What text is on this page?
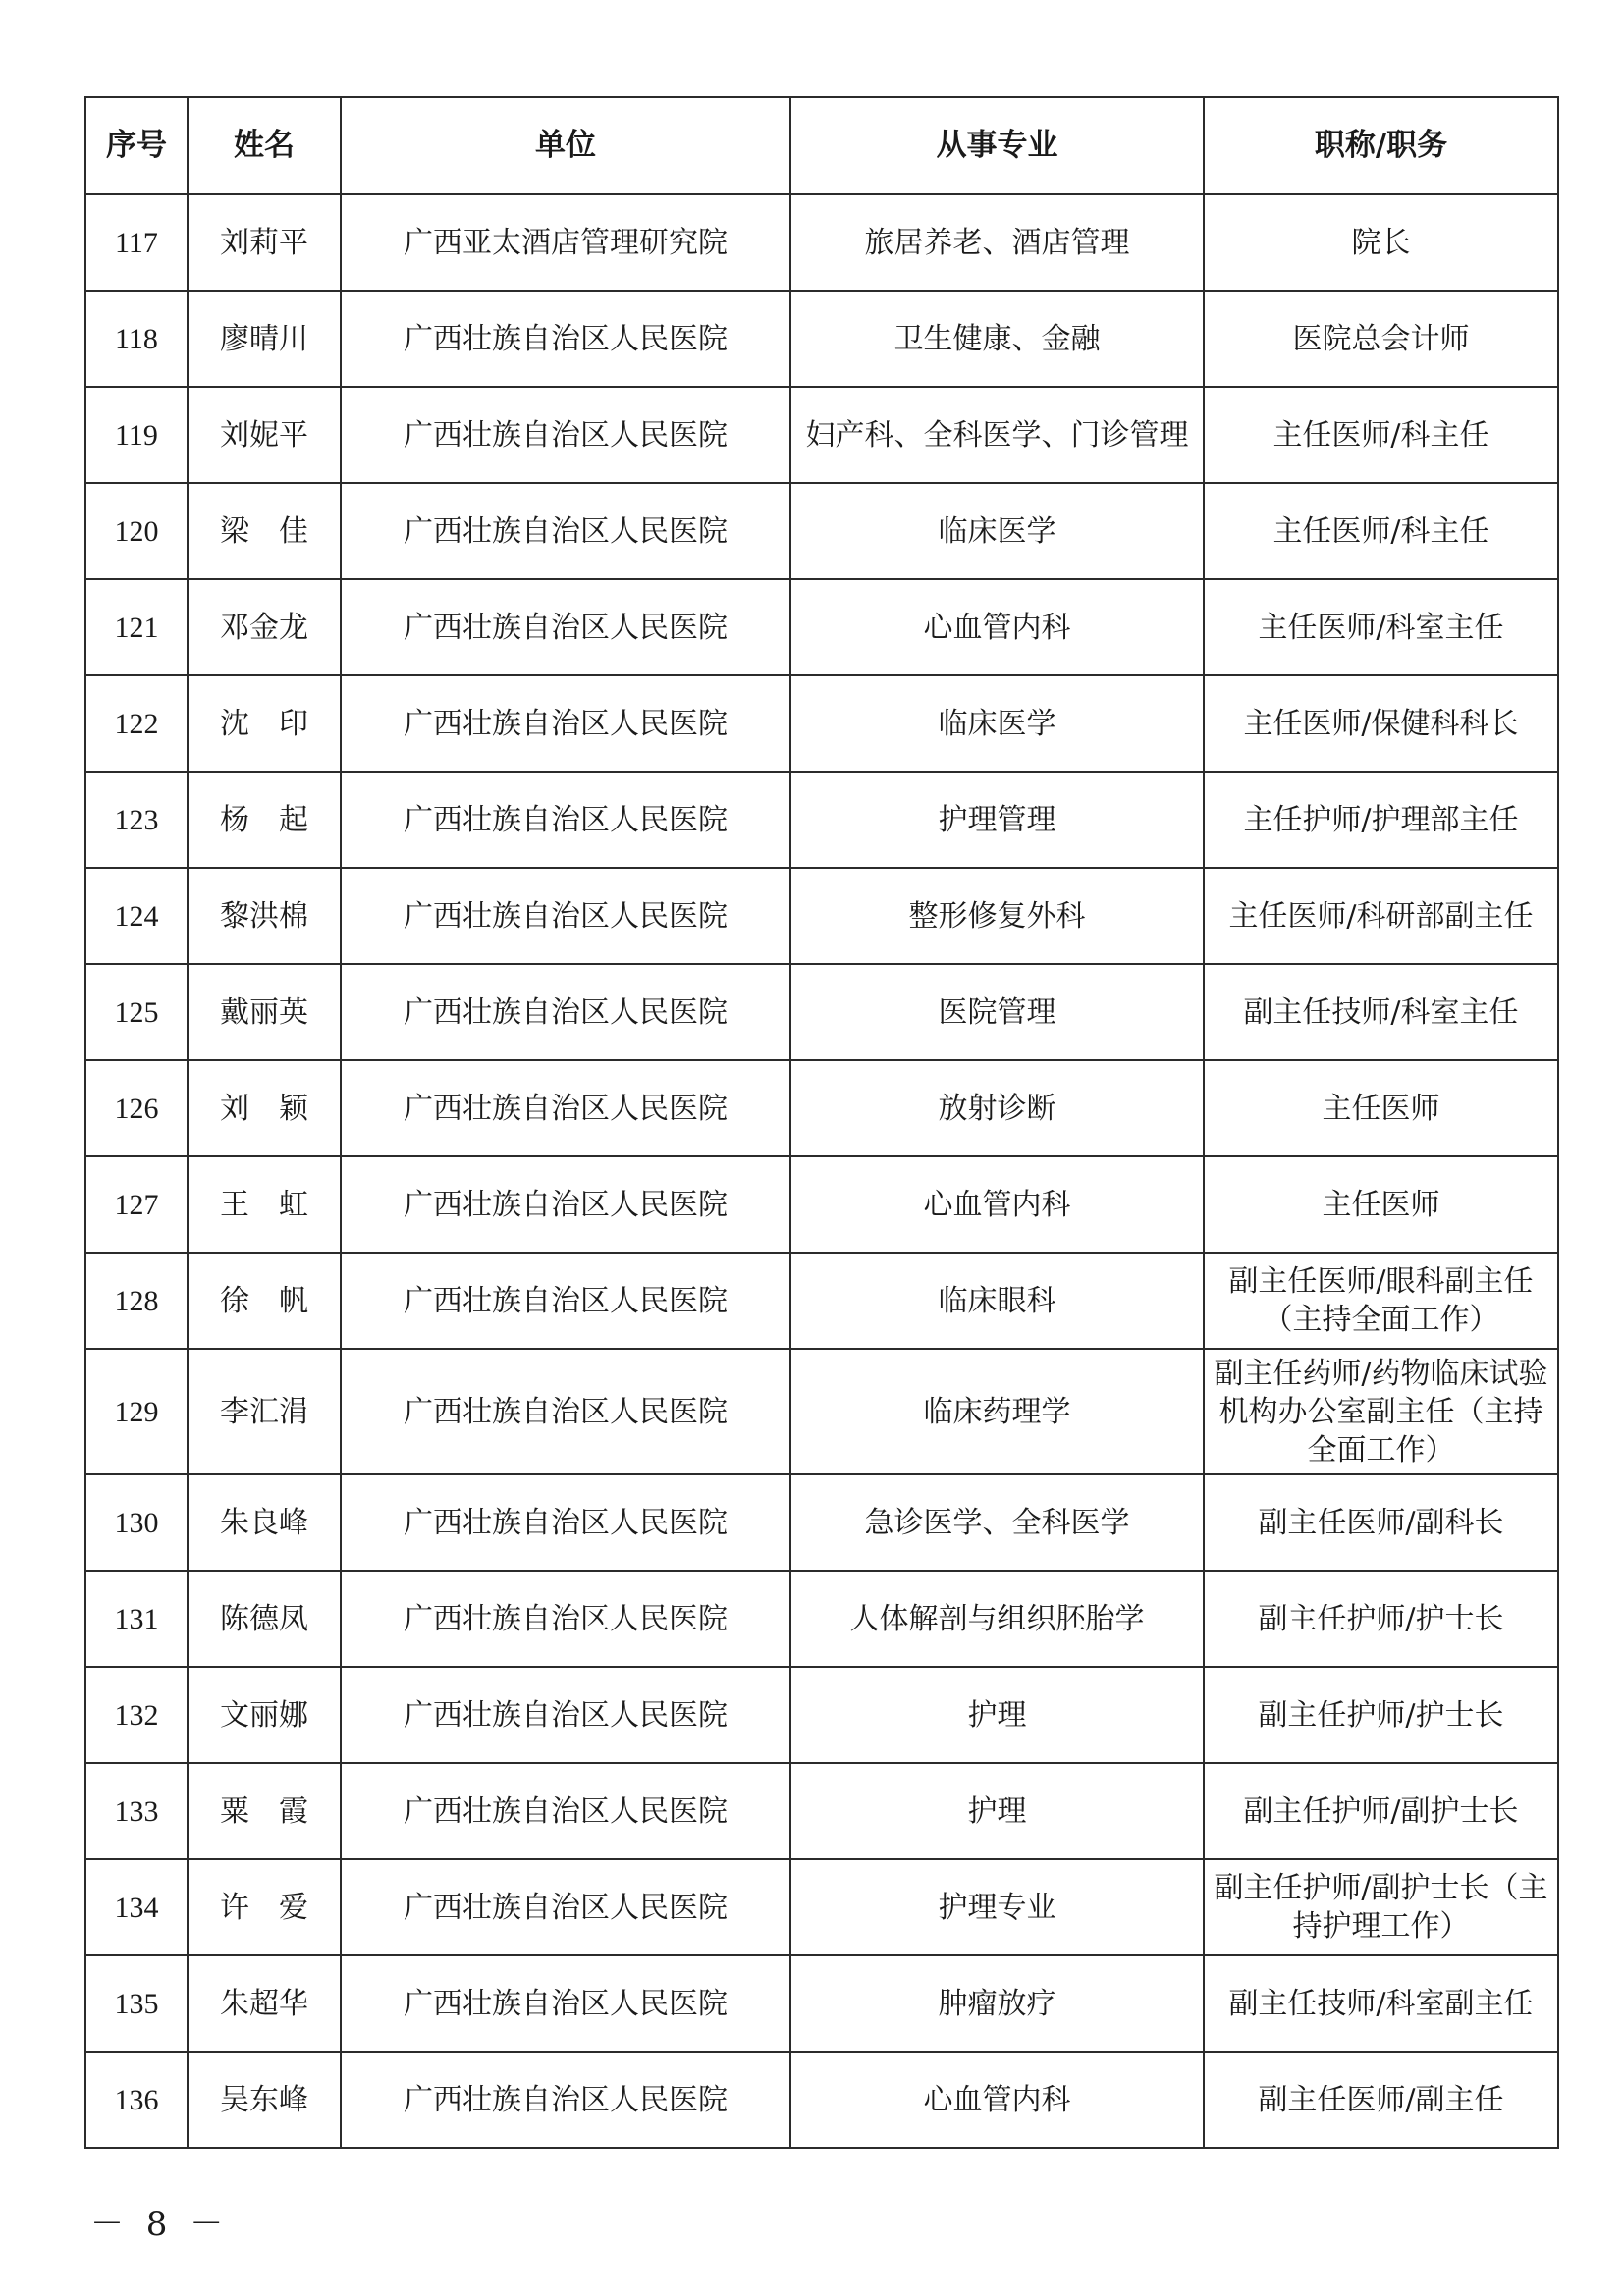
序号	姓名	单位	从事专业	职称/职务
117	刘莉平	广西亚太酒店管理研究院	旅居养老、酒店管理	院长
118	廖晴川	广西壮族自治区人民医院	卫生健康、金融	医院总会计师
119	刘妮平	广西壮族自治区人民医院	妇产科、全科医学、门诊管理	主任医师/科主任
120	梁　佳	广西壮族自治区人民医院	临床医学	主任医师/科主任
121	邓金龙	广西壮族自治区人民医院	心血管内科	主任医师/科室主任
122	沈　印	广西壮族自治区人民医院	临床医学	主任医师/保健科科长
123	杨　起	广西壮族自治区人民医院	护理管理	主任护师/护理部主任
124	黎洪棉	广西壮族自治区人民医院	整形修复外科	主任医师/科研部副主任
125	戴丽英	广西壮族自治区人民医院	医院管理	副主任技师/科室主任
126	刘　颖	广西壮族自治区人民医院	放射诊断	主任医师
127	王　虹	广西壮族自治区人民医院	心血管内科	主任医师
128	徐　帆	广西壮族自治区人民医院	临床眼科	副主任医师/眼科副主任（主持全面工作）
129	李汇涓	广西壮族自治区人民医院	临床药理学	副主任药师/药物临床试验机构办公室副主任（主持全面工作）
130	朱良峰	广西壮族自治区人民医院	急诊医学、全科医学	副主任医师/副科长
131	陈德凤	广西壮族自治区人民医院	人体解剖与组织胚胎学	副主任护师/护士长
132	文丽娜	广西壮族自治区人民医院	护理	副主任护师/护士长
133	粟　霞	广西壮族自治区人民医院	护理	副主任护师/副护士长
134	许　爱	广西壮族自治区人民医院	护理专业	副主任护师/副护士长（主持护理工作）
135	朱超华	广西壮族自治区人民医院	肿瘤放疗	副主任技师/科室副主任
136	吴东峰	广西壮族自治区人民医院	心血管内科	副主任医师/副主任
－ 8 －
